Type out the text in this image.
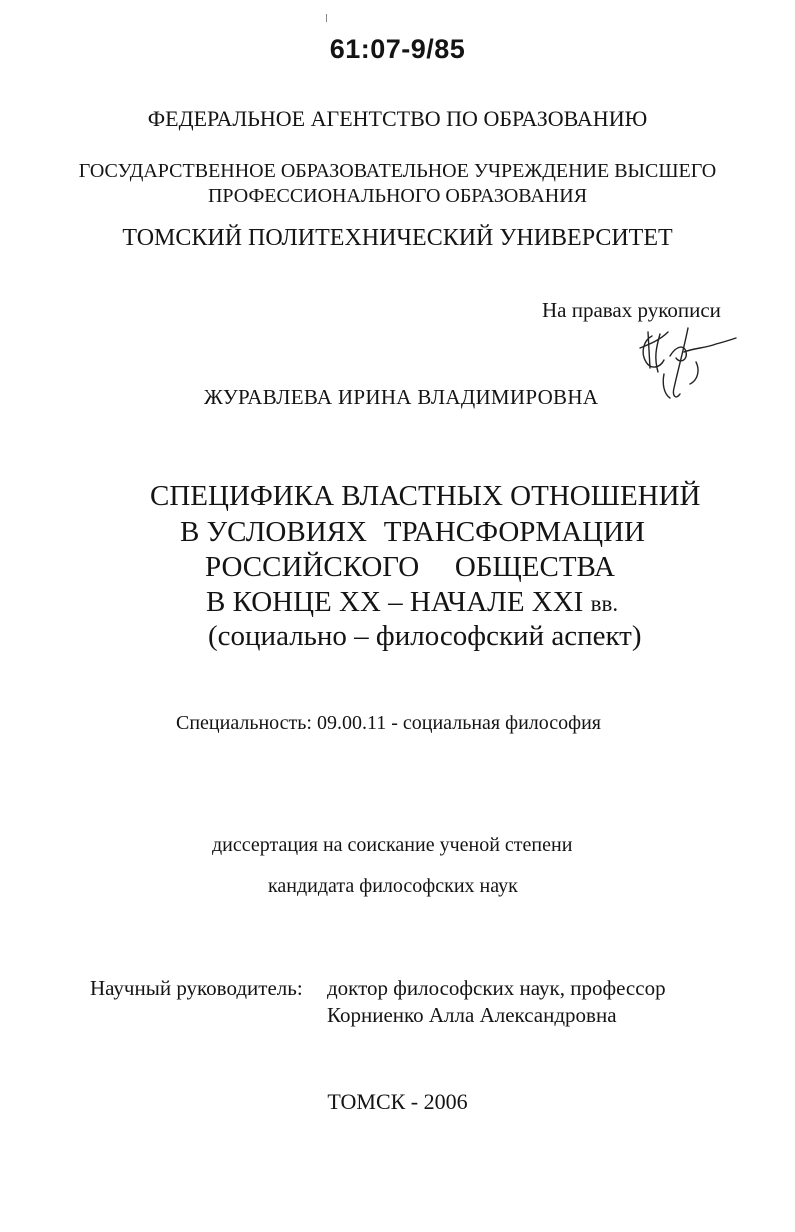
61:07-9/85
ФЕДЕРАЛЬНОЕ АГЕНТСТВО ПО ОБРАЗОВАНИЮ
ГОСУДАРСТВЕННОЕ ОБРАЗОВАТЕЛЬНОЕ УЧРЕЖДЕНИЕ ВЫСШЕГО
ПРОФЕССИОНАЛЬНОГО ОБРАЗОВАНИЯ
ТОМСКИЙ ПОЛИТЕХНИЧЕСКИЙ УНИВЕРСИТЕТ
На правах рукописи
ЖУРАВЛЕВА ИРИНА ВЛАДИМИРОВНА
СПЕЦИФИКА ВЛАСТНЫХ ОТНОШЕНИЙ
В УСЛОВИЯХ ТРАНСФОРМАЦИИ
РОССИЙСКОГО ОБЩЕСТВА
В КОНЦЕ XX – НАЧАЛЕ XXI вв.
(социально – философский аспект)
Специальность: 09.00.11 - социальная философия
диссертация на соискание ученой степени
кандидата философских наук
Научный руководитель: доктор философских наук, профессор
Корниенко Алла Александровна
ТОМСК - 2006
